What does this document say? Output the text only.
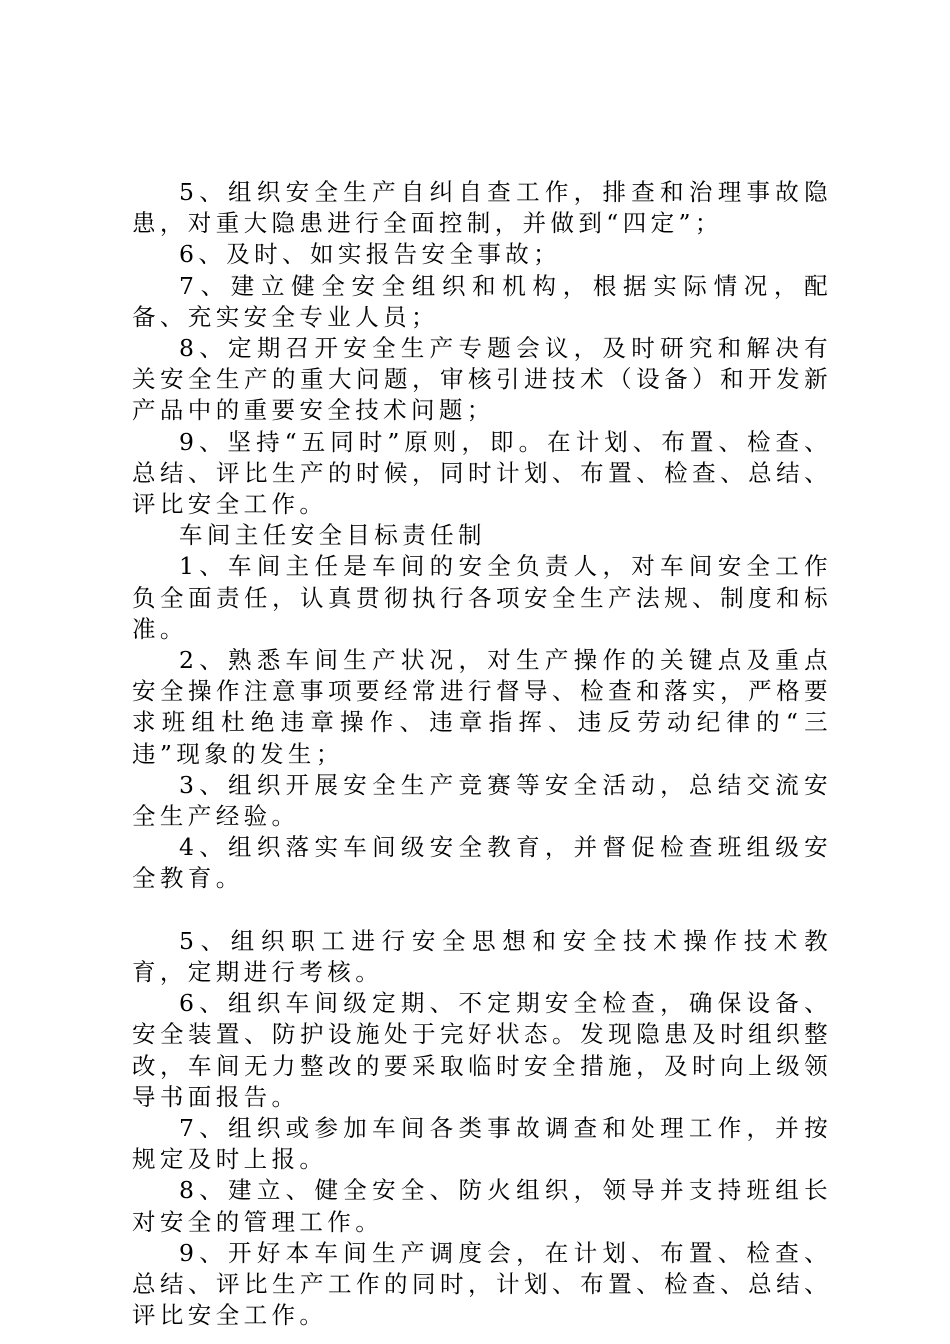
5、组织安全生产自纠自查工作，排查和治理事故隐患，对重大隐患进行全面控制，并做到“四定”；

6、及时、如实报告安全事故；

7、建立健全安全组织和机构，根据实际情况，配备、充实安全专业人员；

8、定期召开安全生产专题会议，及时研究和解决有关安全生产的重大问题，审核引进技术（设备）和开发新产品中的重要安全技术问题；

9、坚持“五同时”原则，即。在计划、布置、检查、总结、评比生产的时候，同时计划、布置、检查、总结、评比安全工作。

车间主任安全目标责任制

1、车间主任是车间的安全负责人，对车间安全工作负全面责任，认真贯彻执行各项安全生产法规、制度和标准。

2、熟悉车间生产状况，对生产操作的关键点及重点安全操作注意事项要经常进行督导、检查和落实，严格要求班组杜绝违章操作、违章指挥、违反劳动纪律的“三违”现象的发生；

3、组织开展安全生产竞赛等安全活动，总结交流安全生产经验。

4、组织落实车间级安全教育，并督促检查班组级安全教育。

5、组织职工进行安全思想和安全技术操作技术教育，定期进行考核。

6、组织车间级定期、不定期安全检查，确保设备、安全装置、防护设施处于完好状态。发现隐患及时组织整改，车间无力整改的要采取临时安全措施，及时向上级领导书面报告。

7、组织或参加车间各类事故调查和处理工作，并按规定及时上报。

8、建立、健全安全、防火组织，领导并支持班组长对安全的管理工作。

9、开好本车间生产调度会，在计划、布置、检查、总结、评比生产工作的同时，计划、布置、检查、总结、评比安全工作。
